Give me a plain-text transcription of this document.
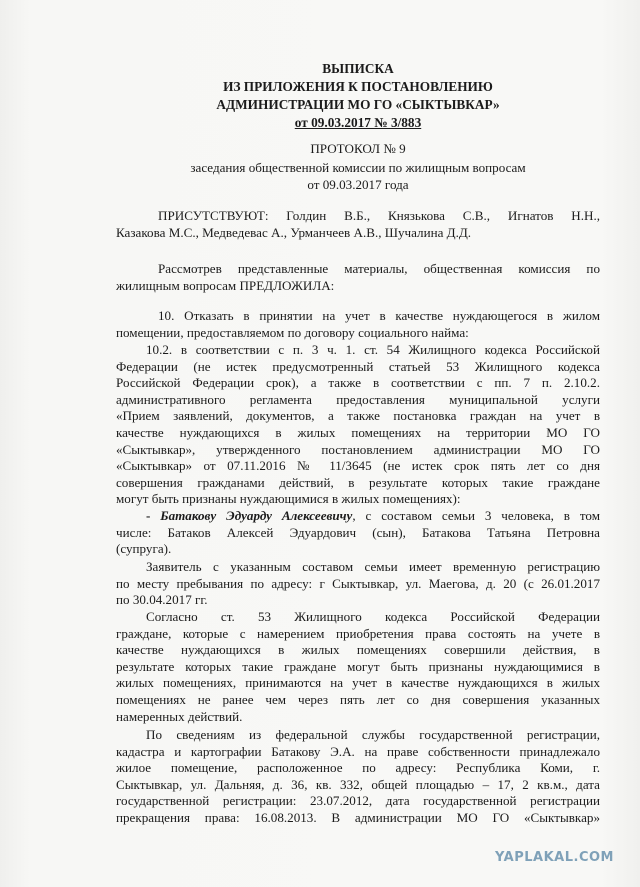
ВЫПИСКА
ИЗ ПРИЛОЖЕНИЯ К ПОСТАНОВЛЕНИЮ
АДМИНИСТРАЦИИ МО ГО «СЫКТЫВКАР»
от 09.03.2017 № 3/883
ПРОТОКОЛ № 9
заседания общественной комиссии по жилищным вопросам
от 09.03.2017 года
ПРИСУТСТВУЮТ: Голдин В.Б., Князькова С.В., Игнатов Н.Н.,
Казакова М.С., Медведевас А., Урманчеев А.В., Шучалина Д.Д.
Рассмотрев представленные материалы, общественная комиссия по
жилищным вопросам ПРЕДЛОЖИЛА:
10. Отказать в принятии на учет в качестве нуждающегося в жилом
помещении, предоставляемом по договору социального найма:
10.2. в соответствии с п. 3 ч. 1. ст. 54 Жилищного кодекса Российской
Федерации (не истек предусмотренный статьей 53 Жилищного кодекса
Российской Федерации срок), а также в соответствии с пп. 7 п. 2.10.2.
административного регламента предоставления муниципальной услуги
«Прием заявлений, документов, а также постановка граждан на учет в
качестве нуждающихся в жилых помещениях на территории МО ГО
«Сыктывкар», утвержденного постановлением администрации МО ГО
«Сыктывкар» от 07.11.2016 № 11/3645 (не истек срок пять лет со дня
совершения гражданами действий, в результате которых такие граждане
могут быть признаны нуждающимися в жилых помещениях):
- Батакову Эдуарду Алексеевичу, с составом семьи 3 человека, в том
числе: Батаков Алексей Эдуардович (сын), Батакова Татьяна Петровна
(супруга).
Заявитель с указанным составом семьи имеет временную регистрацию
по месту пребывания по адресу: г Сыктывкар, ул. Маегова, д. 20 (с 26.01.2017
по 30.04.2017 гг.
Согласно ст. 53 Жилищного кодекса Российской Федерации
граждане, которые с намерением приобретения права состоять на учете в
качестве нуждающихся в жилых помещениях совершили действия, в
результате которых такие граждане могут быть признаны нуждающимися в
жилых помещениях, принимаются на учет в качестве нуждающихся в жилых
помещениях не ранее чем через пять лет со дня совершения указанных
намеренных действий.
По сведениям из федеральной службы государственной регистрации,
кадастра и картографии Батакову Э.А. на праве собственности принадлежало
жилое помещение, расположенное по адресу: Республика Коми, г.
Сыктывкар, ул. Дальняя, д. 36, кв. 332, общей площадью – 17, 2 кв.м., дата
государственной регистрации: 23.07.2012, дата государственной регистрации
прекращения права: 16.08.2013. В администрации МО ГО «Сыктывкар»
YAPLAKAL.COM
